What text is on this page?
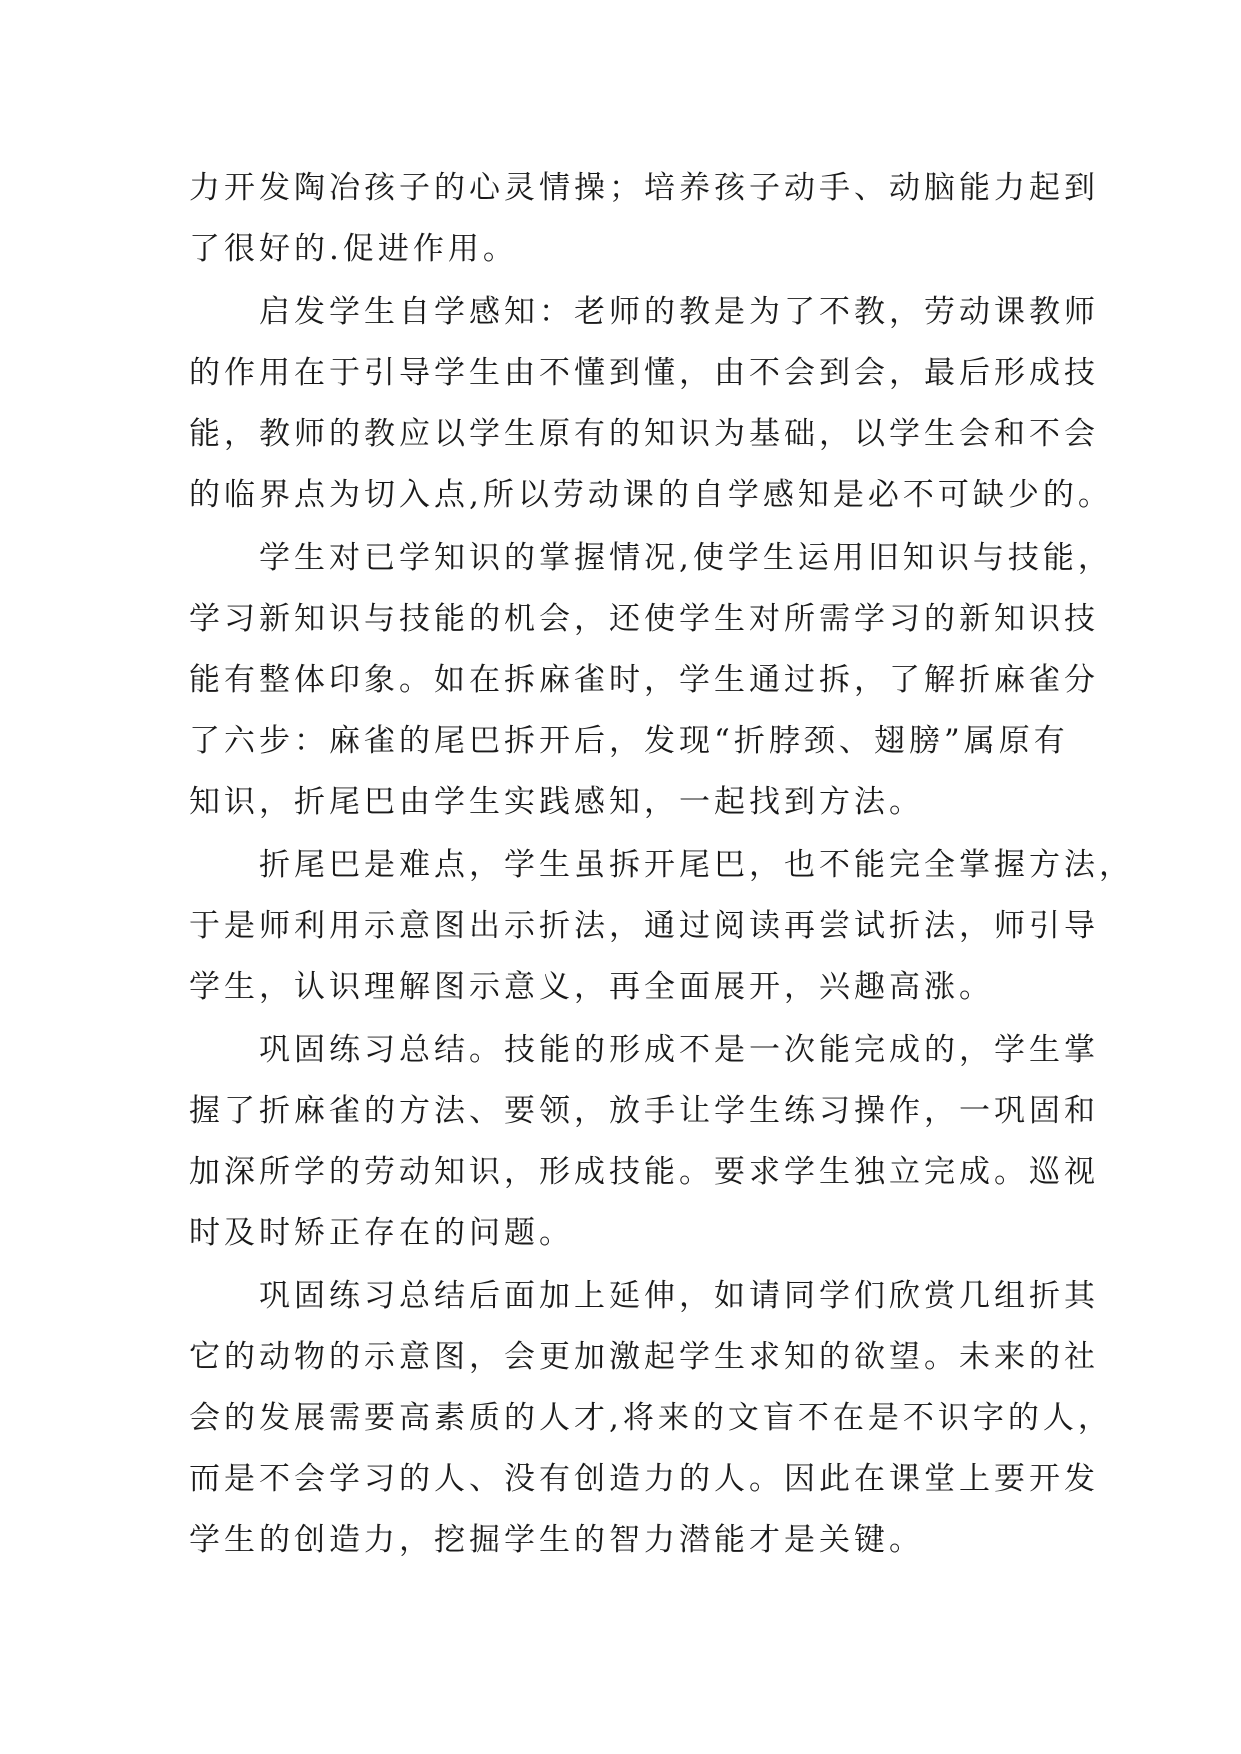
力开发陶冶孩子的心灵情操；培养孩子动手、动脑能力起到
了很好的.促进作用。
　　启发学生自学感知：老师的教是为了不教，劳动课教师
的作用在于引导学生由不懂到懂，由不会到会，最后形成技
能，教师的教应以学生原有的知识为基础，以学生会和不会
的临界点为切入点,所以劳动课的自学感知是必不可缺少的。
　　学生对已学知识的掌握情况,使学生运用旧知识与技能，
学习新知识与技能的机会，还使学生对所需学习的新知识技
能有整体印象。如在拆麻雀时，学生通过拆，了解折麻雀分
了六步：麻雀的尾巴拆开后，发现“折脖颈、翅膀”属原有
知识，折尾巴由学生实践感知，一起找到方法。
　　折尾巴是难点，学生虽拆开尾巴，也不能完全掌握方法，
于是师利用示意图出示折法，通过阅读再尝试折法，师引导
学生，认识理解图示意义，再全面展开，兴趣高涨。
　　巩固练习总结。技能的形成不是一次能完成的，学生掌
握了折麻雀的方法、要领，放手让学生练习操作，一巩固和
加深所学的劳动知识，形成技能。要求学生独立完成。巡视
时及时矫正存在的问题。
　　巩固练习总结后面加上延伸，如请同学们欣赏几组折其
它的动物的示意图，会更加激起学生求知的欲望。未来的社
会的发展需要高素质的人才,将来的文盲不在是不识字的人，
而是不会学习的人、没有创造力的人。因此在课堂上要开发
学生的创造力，挖掘学生的智力潜能才是关键。
